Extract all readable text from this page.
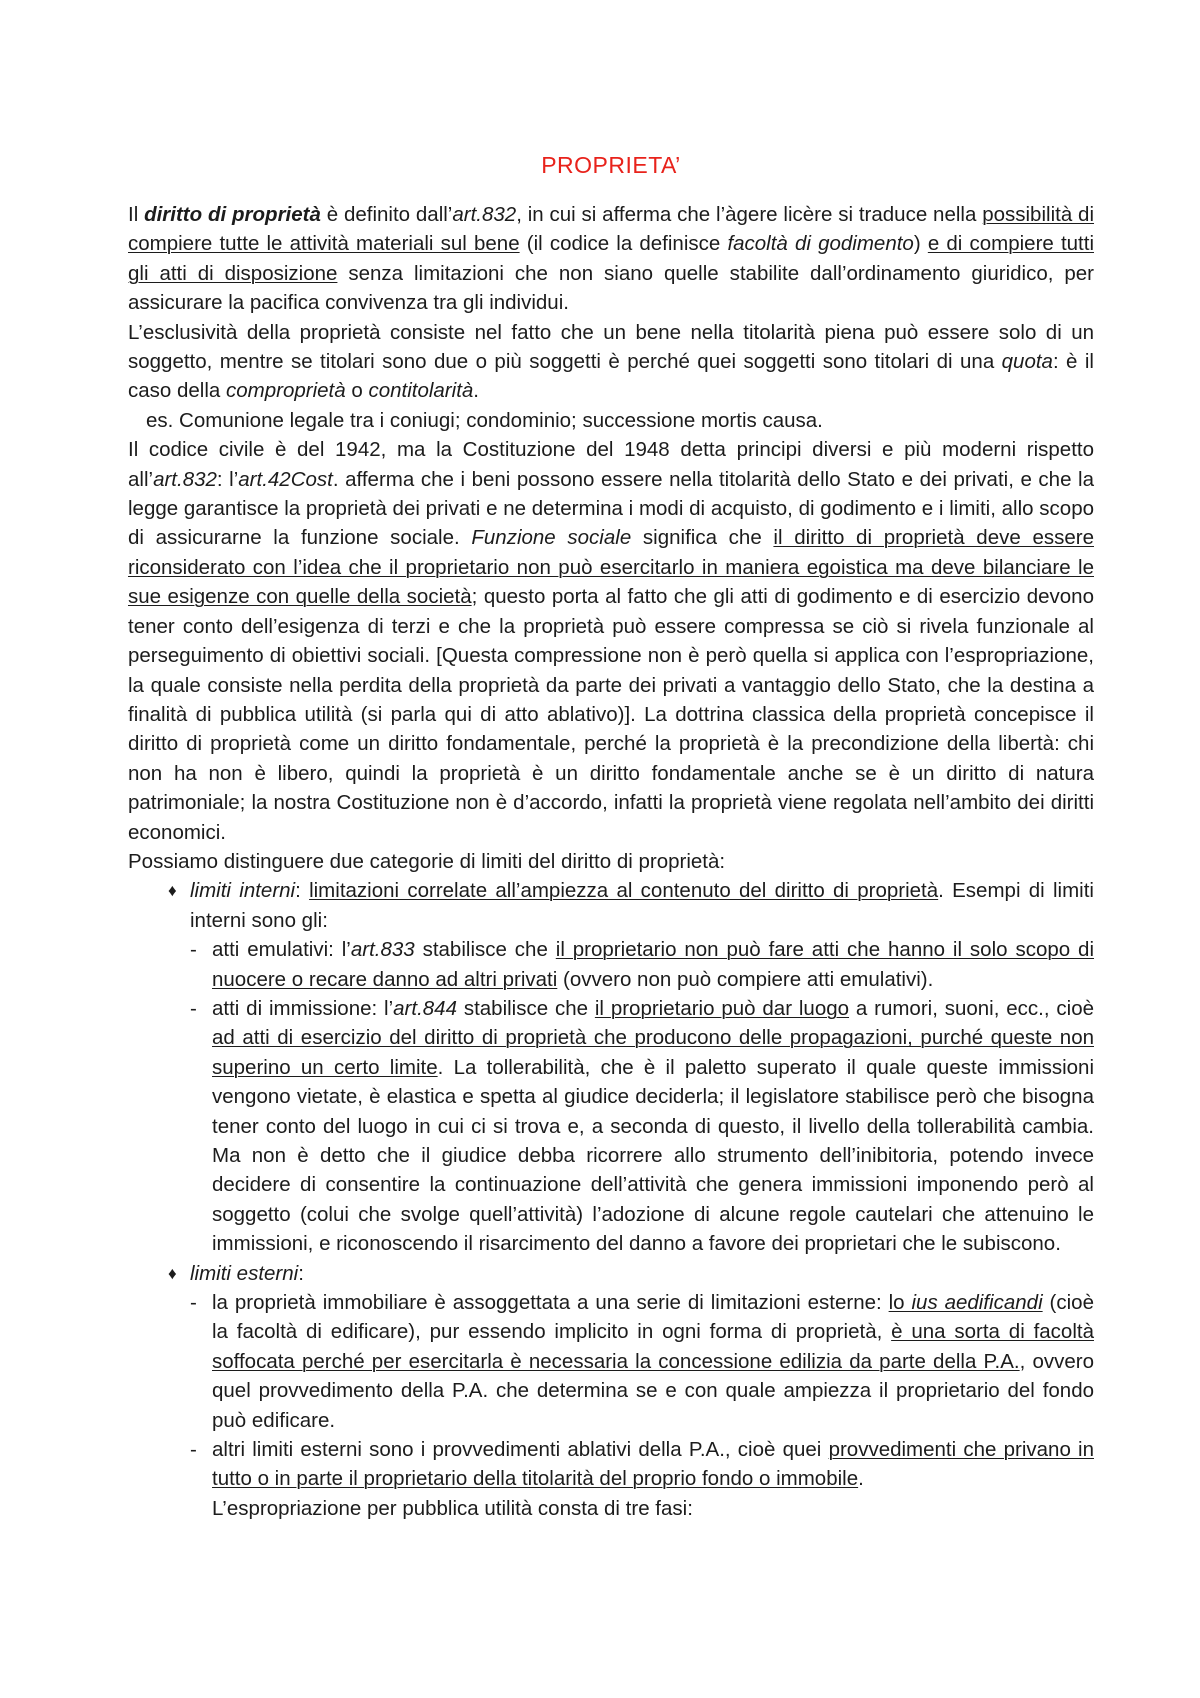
PROPRIETA’

Il diritto di proprietà è definito dall’art.832, in cui si afferma che l’àgere licère si traduce nella possibilità di compiere tutte le attività materiali sul bene (il codice la definisce facoltà di godimento) e di compiere tutti gli atti di disposizione senza limitazioni che non siano quelle stabilite dall’ordinamento giuridico, per assicurare la pacifica convivenza tra gli individui.

L’esclusività della proprietà consiste nel fatto che un bene nella titolarità piena può essere solo di un soggetto, mentre se titolari sono due o più soggetti è perché quei soggetti sono titolari di una quota: è il caso della comproprietà o contitolarità.

es. Comunione legale tra i coniugi; condominio; successione mortis causa.

Il codice civile è del 1942, ma la Costituzione del 1948 detta principi diversi e più moderni rispetto all’art.832: l’art.42Cost. afferma che i beni possono essere nella titolarità dello Stato e dei privati, e che la legge garantisce la proprietà dei privati e ne determina i modi di acquisto, di godimento e i limiti, allo scopo di assicurarne la funzione sociale. Funzione sociale significa che il diritto di proprietà deve essere riconsiderato con l’idea che il proprietario non può esercitarlo in maniera egoistica ma deve bilanciare le sue esigenze con quelle della società; questo porta al fatto che gli atti di godimento e di esercizio devono tener conto dell’esigenza di terzi e che la proprietà può essere compressa se ciò si rivela funzionale al perseguimento di obiettivi sociali. [Questa compressione non è però quella si applica con l’espropriazione, la quale consiste nella perdita della proprietà da parte dei privati a vantaggio dello Stato, che la destina a finalità di pubblica utilità (si parla qui di atto ablativo)]. La dottrina classica della proprietà concepisce il diritto di proprietà come un diritto fondamentale, perché la proprietà è la precondizione della libertà: chi non ha non è libero, quindi la proprietà è un diritto fondamentale anche se è un diritto di natura patrimoniale; la nostra Costituzione non è d’accordo, infatti la proprietà viene regolata nell’ambito dei diritti economici.

Possiamo distinguere due categorie di limiti del diritto di proprietà:

♦ limiti interni: limitazioni correlate all’ampiezza al contenuto del diritto di proprietà. Esempi di limiti interni sono gli:
- atti emulativi: l’art.833 stabilisce che il proprietario non può fare atti che hanno il solo scopo di nuocere o recare danno ad altri privati (ovvero non può compiere atti emulativi).
- atti di immissione: l’art.844 stabilisce che il proprietario può dar luogo a rumori, suoni, ecc., cioè ad atti di esercizio del diritto di proprietà che producono delle propagazioni, purché queste non superino un certo limite. La tollerabilità, che è il paletto superato il quale queste immissioni vengono vietate, è elastica e spetta al giudice deciderla; il legislatore stabilisce però che bisogna tener conto del luogo in cui ci si trova e, a seconda di questo, il livello della tollerabilità cambia. Ma non è detto che il giudice debba ricorrere allo strumento dell’inibitoria, potendo invece decidere di consentire la continuazione dell’attività che genera immissioni imponendo però al soggetto (colui che svolge quell’attività) l’adozione di alcune regole cautelari che attenuino le immissioni, e riconoscendo il risarcimento del danno a favore dei proprietari che le subiscono.
♦ limiti esterni:
- la proprietà immobiliare è assoggettata a una serie di limitazioni esterne: lo ius aedificandi (cioè la facoltà di edificare), pur essendo implicito in ogni forma di proprietà, è una sorta di facoltà soffocata perché per esercitarla è necessaria la concessione edilizia da parte della P.A., ovvero quel provvedimento della P.A. che determina se e con quale ampiezza il proprietario del fondo può edificare.
- altri limiti esterni sono i provvedimenti ablativi della P.A., cioè quei provvedimenti che privano in tutto o in parte il proprietario della titolarità del proprio fondo o immobile.
L’espropriazione per pubblica utilità consta di tre fasi:
